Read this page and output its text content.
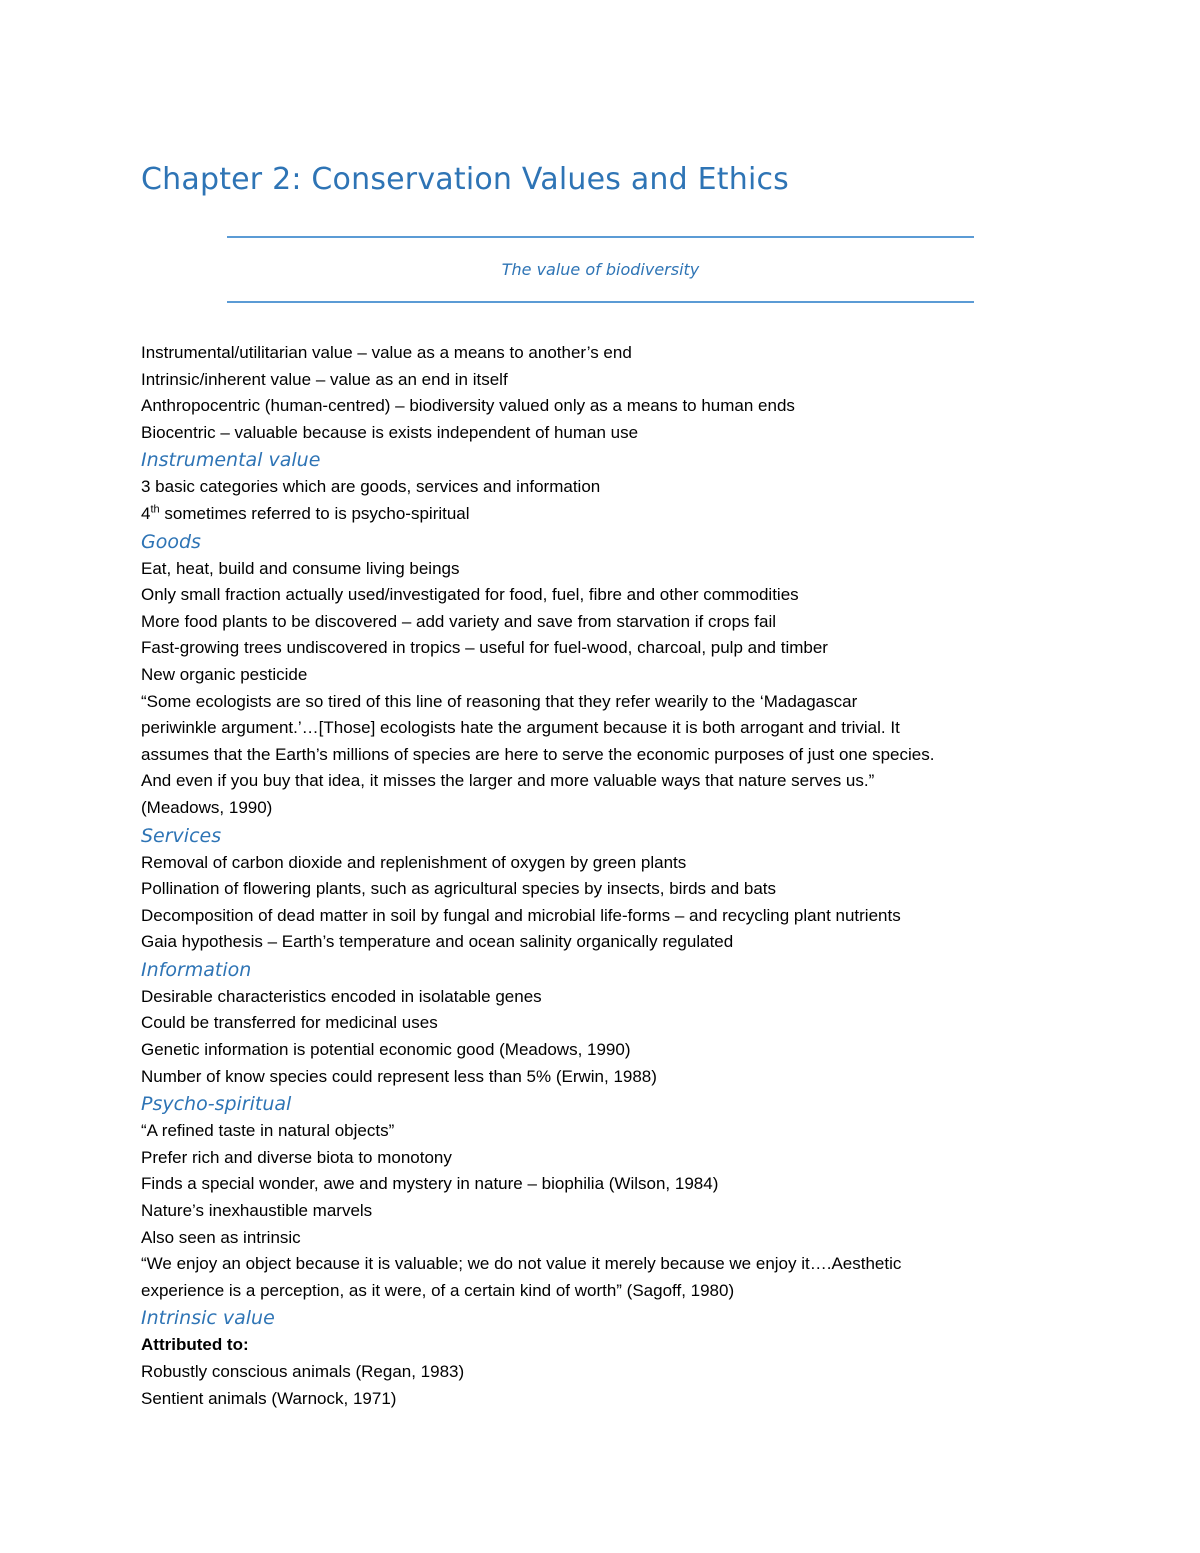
Chapter 2: Conservation Values and Ethics
The value of biodiversity
Instrumental/utilitarian value – value as a means to another’s end
Intrinsic/inherent value – value as an end in itself
Anthropocentric (human-centred) – biodiversity valued only as a means to human ends
Biocentric – valuable because is exists independent of human use
Instrumental value
3 basic categories which are goods, services and information
4th sometimes referred to is psycho-spiritual
Goods
Eat, heat, build and consume living beings
Only small fraction actually used/investigated for food, fuel, fibre and other commodities
More food plants to be discovered – add variety and save from starvation if crops fail
Fast-growing trees undiscovered in tropics – useful for fuel-wood, charcoal, pulp and timber
New organic pesticide
“Some ecologists are so tired of this line of reasoning that they refer wearily to the ‘Madagascar
periwinkle argument.’…[Those] ecologists hate the argument because it is both arrogant and trivial. It
assumes that the Earth’s millions of species are here to serve the economic purposes of just one species.
And even if you buy that idea, it misses the larger and more valuable ways that nature serves us.”
(Meadows, 1990)
Services
Removal of carbon dioxide and replenishment of oxygen by green plants
Pollination of flowering plants, such as agricultural species by insects, birds and bats
Decomposition of dead matter in soil by fungal and microbial life-forms – and recycling plant nutrients
Gaia hypothesis – Earth’s temperature and ocean salinity organically regulated
Information
Desirable characteristics encoded in isolatable genes
Could be transferred for medicinal uses
Genetic information is potential economic good (Meadows, 1990)
Number of know species could represent less than 5% (Erwin, 1988)
Psycho-spiritual
“A refined taste in natural objects”
Prefer rich and diverse biota to monotony
Finds a special wonder, awe and mystery in nature – biophilia (Wilson, 1984)
Nature’s inexhaustible marvels
Also seen as intrinsic
“We enjoy an object because it is valuable; we do not value it merely because we enjoy it….Aesthetic
experience is a perception, as it were, of a certain kind of worth” (Sagoff, 1980)
Intrinsic value
Attributed to:
Robustly conscious animals (Regan, 1983)
Sentient animals (Warnock, 1971)
